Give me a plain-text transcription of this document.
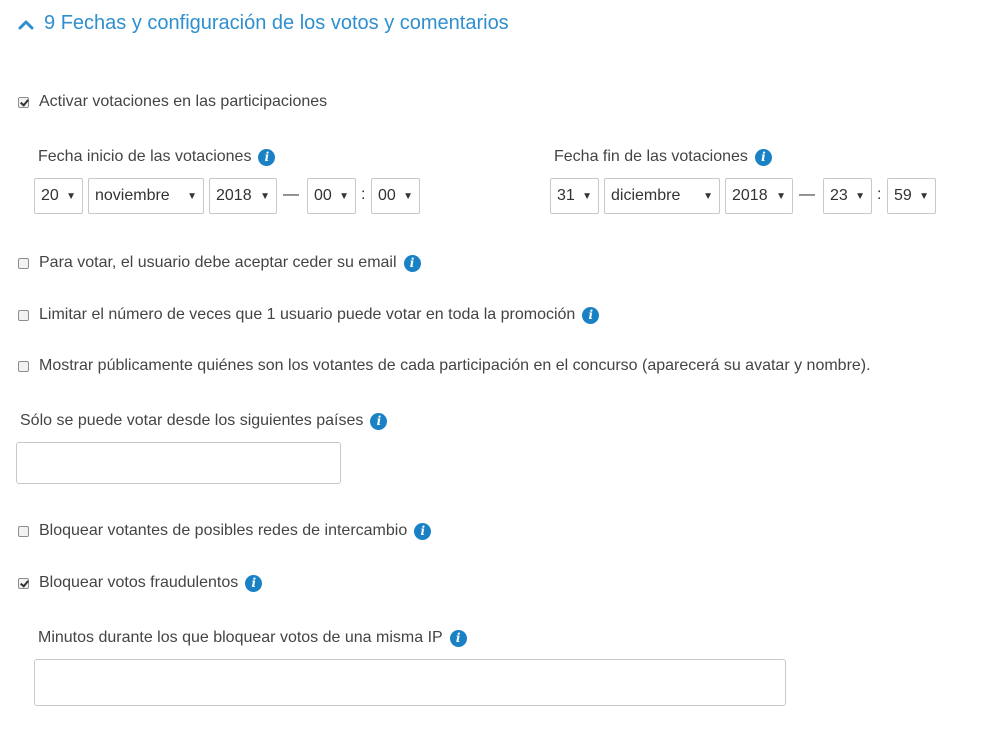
9 Fechas y configuración de los votos y comentarios
Activar votaciones en las participaciones
Fecha inicio de las votaciones	i
20 ▼ noviembre ▼ 2018 ▼ — 00 ▼ : 00 ▼
Fecha fin de las votaciones	i
31 ▼ diciembre ▼ 2018 ▼ — 23 ▼ : 59 ▼
Para votar, el usuario debe aceptar ceder su email	i
Limitar el número de veces que 1 usuario puede votar en toda la promoción	i
Mostrar públicamente quiénes son los votantes de cada participación en el concurso (aparecerá su avatar y nombre).
Sólo se puede votar desde los siguientes países	i
Bloquear votantes de posibles redes de intercambio	i
Bloquear votos fraudulentos	i
Minutos durante los que bloquear votos de una misma IP	i
